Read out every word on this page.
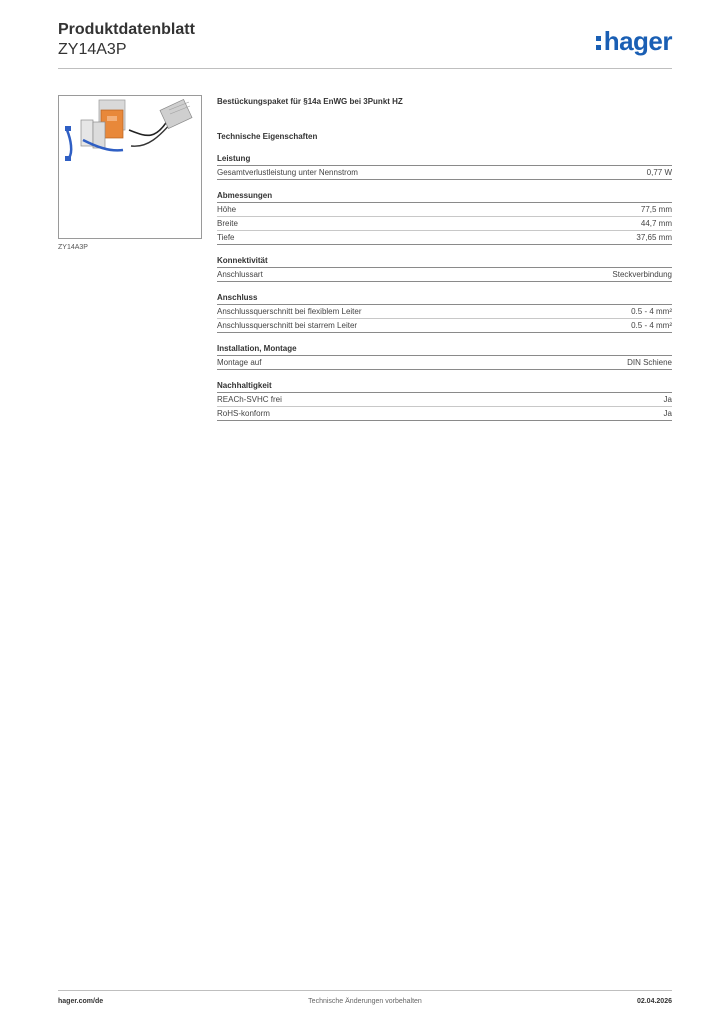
Produktdatenblatt
ZY14A3P	hager
ZY14A3P
Bestückungspaket für §14a EnWG bei 3Punkt HZ
Technische Eigenschaften
Leistung
Gesamtverlustleistung unter Nennstrom	0,77 W
Abmessungen
Höhe	77,5 mm
Breite	44,7 mm
Tiefe	37,65 mm
Konnektivität
Anschlussart	Steckverbindung
Anschluss
Anschlussquerschnitt bei flexiblem Leiter	0.5 - 4 mm²
Anschlussquerschnitt bei starrem Leiter	0.5 - 4 mm²
Installation, Montage
Montage auf	DIN Schiene
Nachhaltigkeit
REACh-SVHC frei	Ja
RoHS-konform	Ja
hager.com/de	Technische Änderungen vorbehalten	02.04.2026
